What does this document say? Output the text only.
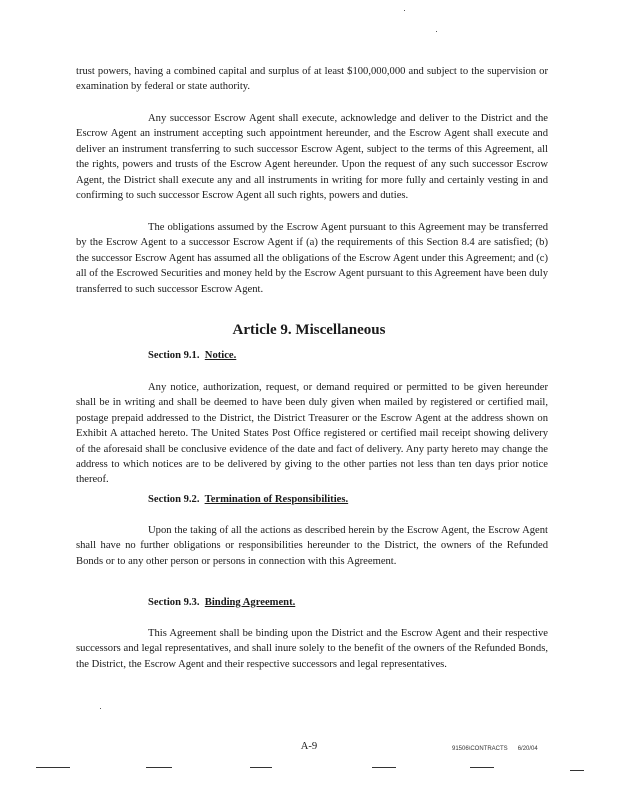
trust powers, having a combined capital and surplus of at least $100,000,000 and subject to the supervision or examination by federal or state authority.

Any successor Escrow Agent shall execute, acknowledge and deliver to the District and the Escrow Agent an instrument accepting such appointment hereunder, and the Escrow Agent shall execute and deliver an instrument transferring to such successor Escrow Agent, subject to the terms of this Agreement, all the rights, powers and trusts of the Escrow Agent hereunder. Upon the request of any such successor Escrow Agent, the District shall execute any and all instruments in writing for more fully and certainly vesting in and confirming to such successor Escrow Agent all such rights, powers and duties.

The obligations assumed by the Escrow Agent pursuant to this Agreement may be transferred by the Escrow Agent to a successor Escrow Agent if (a) the requirements of this Section 8.4 are satisfied; (b) the successor Escrow Agent has assumed all the obligations of the Escrow Agent under this Agreement; and (c) all of the Escrowed Securities and money held by the Escrow Agent pursuant to this Agreement have been duly transferred to such successor Escrow Agent.

Article 9. Miscellaneous

Section 9.1. Notice.

Any notice, authorization, request, or demand required or permitted to be given hereunder shall be in writing and shall be deemed to have been duly given when mailed by registered or certified mail, postage prepaid addressed to the District, the District Treasurer or the Escrow Agent at the address shown on Exhibit A attached hereto. The United States Post Office registered or certified mail receipt showing delivery of the aforesaid shall be conclusive evidence of the date and fact of delivery. Any party hereto may change the address to which notices are to be delivered by giving to the other parties not less than ten days prior notice thereof.

Section 9.2. Termination of Responsibilities.

Upon the taking of all the actions as described herein by the Escrow Agent, the Escrow Agent shall have no further obligations or responsibilities hereunder to the District, the owners of the Refunded Bonds or to any other person or persons in connection with this Agreement.

Section 9.3. Binding Agreement.

This Agreement shall be binding upon the District and the Escrow Agent and their respective successors and legal representatives, and shall inure solely to the benefit of the owners of the Refunded Bonds, the District, the Escrow Agent and their respective successors and legal representatives.

A-9	91506\CONTRACTS 6/20/04
